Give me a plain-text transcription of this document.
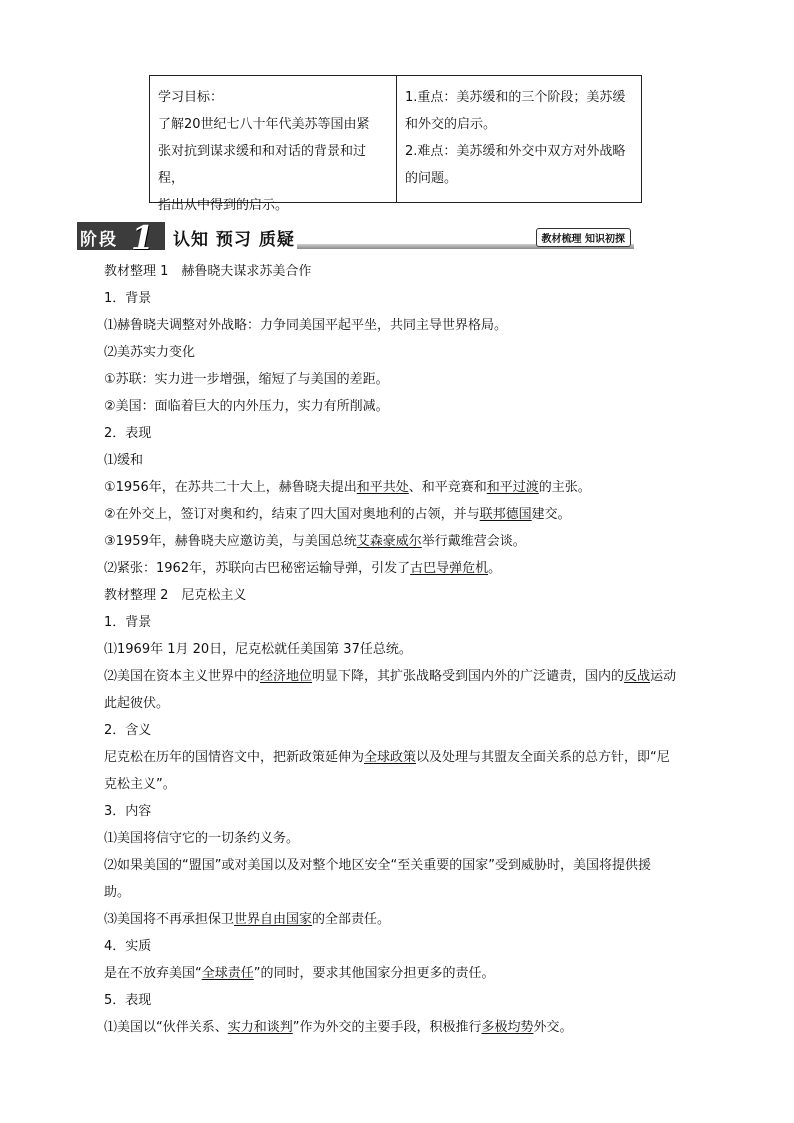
学习目标：
了解20世纪七八十年代美苏等国由紧
张对抗到谋求缓和和对话的背景和过程，
指出从中得到的启示。
1.重点：美苏缓和的三个阶段；美苏缓
和外交的启示。
2.难点：美苏缓和外交中双方对外战略
的问题。
阶段 1 认知 预习 质疑	教材梳理 知识初探

教材整理 1　赫鲁晓夫谋求苏美合作

1．背景

⑴赫鲁晓夫调整对外战略：力争同美国平起平坐，共同主导世界格局。

⑵美苏实力变化

①苏联：实力进一步增强，缩短了与美国的差距。

②美国：面临着巨大的内外压力，实力有所削减。

2．表现

⑴缓和

①1956年，在苏共二十大上，赫鲁晓夫提出和平共处、和平竞赛和和平过渡的主张。

②在外交上，签订对奥和约，结束了四大国对奥地利的占领，并与联邦德国建交。

③1959年，赫鲁晓夫应邀访美，与美国总统艾森豪威尔举行戴维营会谈。

⑵紧张：1962年，苏联向古巴秘密运输导弹，引发了古巴导弹危机。

教材整理 2　尼克松主义

1．背景

⑴1969年 1月 20日，尼克松就任美国第 37任总统。

⑵美国在资本主义世界中的经济地位明显下降，其扩张战略受到国内外的广泛谴责，国内的反战运动

此起彼伏。

2．含义

尼克松在历年的国情咨文中，把新政策延伸为全球政策以及处理与其盟友全面关系的总方针，即“尼

克松主义”。

3．内容

⑴美国将信守它的一切条约义务。

⑵如果美国的“盟国”或对美国以及对整个地区安全“至关重要的国家”受到威胁时，美国将提供援

助。

⑶美国将不再承担保卫世界自由国家的全部责任。

4．实质

是在不放弃美国“全球责任”的同时，要求其他国家分担更多的责任。

5．表现

⑴美国以“伙伴关系、实力和谈判”作为外交的主要手段，积极推行多极均势外交。
